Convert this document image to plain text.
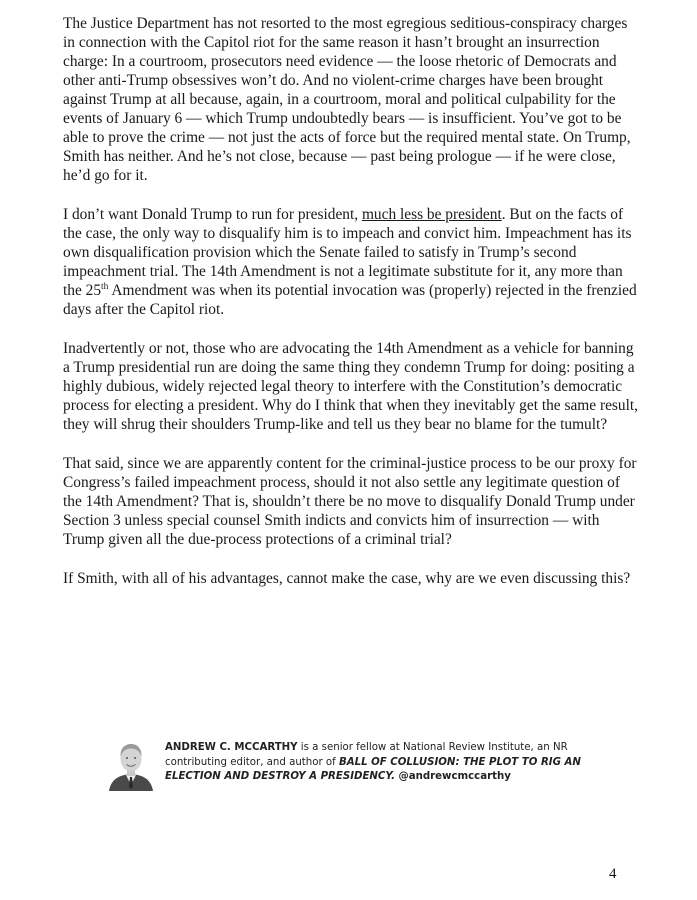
The Justice Department has not resorted to the most egregious seditious-conspiracy charges in connection with the Capitol riot for the same reason it hasn’t brought an insurrection charge: In a courtroom, prosecutors need evidence — the loose rhetoric of Democrats and other anti-Trump obsessives won’t do. And no violent-crime charges have been brought against Trump at all because, again, in a courtroom, moral and political culpability for the events of January 6 — which Trump undoubtedly bears — is insufficient. You’ve got to be able to prove the crime — not just the acts of force but the required mental state. On Trump, Smith has neither. And he’s not close, because — past being prologue — if he were close, he’d go for it.

I don’t want Donald Trump to run for president, much less be president. But on the facts of the case, the only way to disqualify him is to impeach and convict him. Impeachment has its own disqualification provision which the Senate failed to satisfy in Trump’s second impeachment trial. The 14th Amendment is not a legitimate substitute for it, any more than the 25th Amendment was when its potential invocation was (properly) rejected in the frenzied days after the Capitol riot.

Inadvertently or not, those who are advocating the 14th Amendment as a vehicle for banning a Trump presidential run are doing the same thing they condemn Trump for doing: positing a highly dubious, widely rejected legal theory to interfere with the Constitution’s democratic process for electing a president. Why do I think that when they inevitably get the same result, they will shrug their shoulders Trump-like and tell us they bear no blame for the tumult?

That said, since we are apparently content for the criminal-justice process to be our proxy for Congress’s failed impeachment process, should it not also settle any legitimate question of the 14th Amendment? That is, shouldn’t there be no move to disqualify Donald Trump under Section 3 unless special counsel Smith indicts and convicts him of insurrection — with Trump given all the due-process protections of a criminal trial?

If Smith, with all of his advantages, cannot make the case, why are we even discussing this?

ANDREW C. MCCARTHY is a senior fellow at National Review Institute, an NR contributing editor, and author of BALL OF COLLUSION: THE PLOT TO RIG AN ELECTION AND DESTROY A PRESIDENCY. @andrewcmccarthy
4
